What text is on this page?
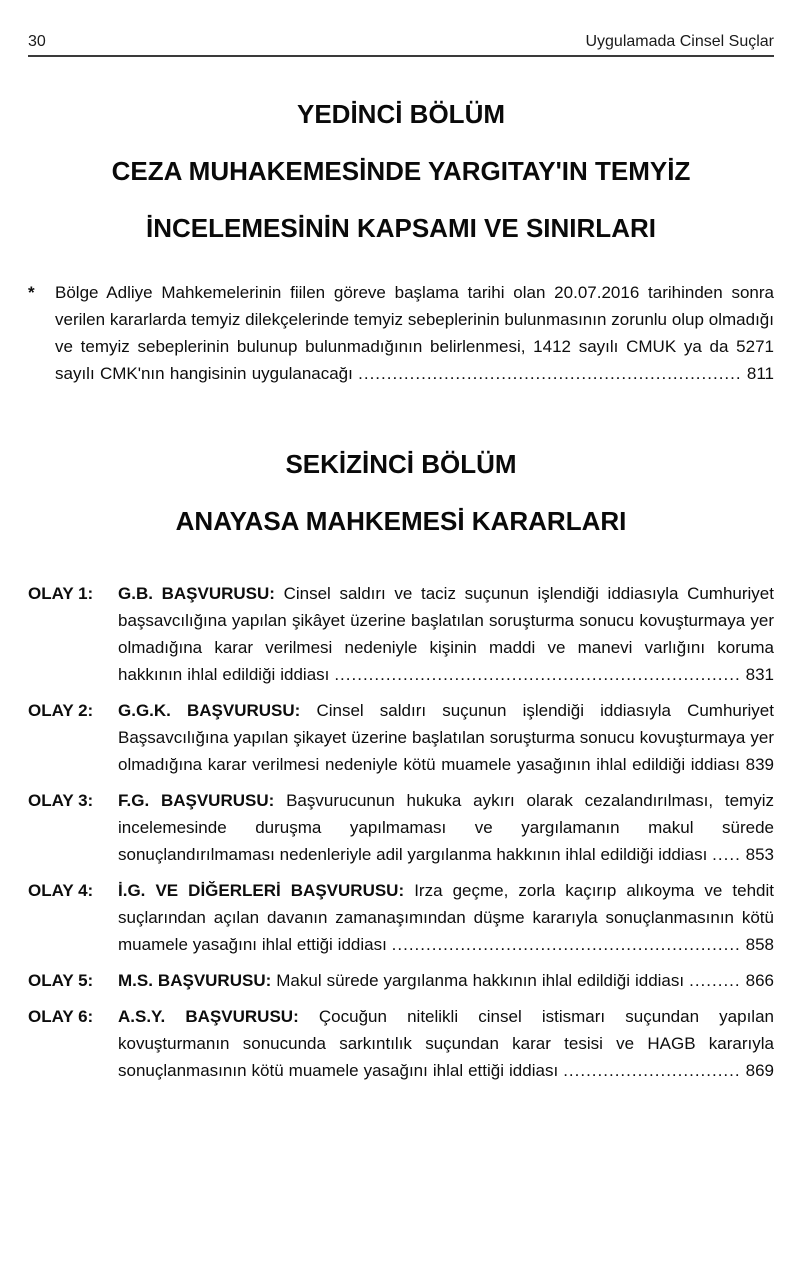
30	Uygulamada Cinsel Suçlar
YEDİNCİ BÖLÜM
CEZA MUHAKEMESİNDE YARGITAY'IN TEMYİZ
İNCELEMESİNİN KAPSAMI VE SINIRLARI
*	Bölge Adliye Mahkemelerinin fiilen göreve başlama tarihi olan 20.07.2016 tarihinden sonra verilen kararlarda temyiz dilekçelerinde temyiz sebeplerinin bulunmasının zorunlu olup olmadığı ve temyiz sebeplerinin bulunup bulunmadığının belirlenmesi, 1412 sayılı CMUK ya da 5271 sayılı CMK'nın hangisinin uygulanacağı ................................................................... 811
SEKİZİNCİ BÖLÜM
ANAYASA MAHKEMESİ KARARLARI
OLAY 1:	G.B. BAŞVURUSU: Cinsel saldırı ve taciz suçunun işlendiği iddiasıyla Cumhuriyet başsavcılığına yapılan şikâyet üzerine başlatılan soruşturma sonucu kovuşturmaya yer olmadığına karar verilmesi nedeniyle kişinin maddi ve manevi varlığını koruma hakkının ihlal edildiği iddiası ....................................................................... 831
OLAY 2:	G.G.K. BAŞVURUSU: Cinsel saldırı suçunun işlendiği iddiasıyla Cumhuriyet Başsavcılığına yapılan şikayet üzerine başlatılan soruşturma sonucu kovuşturmaya yer olmadığına karar verilmesi nedeniyle kötü muamele yasağının ihlal edildiği iddiası 839
OLAY 3:	F.G. BAŞVURUSU: Başvurucunun hukuka aykırı olarak cezalandırılması, temyiz incelemesinde duruşma yapılmaması ve yargılamanın makul sürede sonuçlandırılmaması nedenleriyle adil yargılanma hakkının ihlal edildiği iddiası ..... 853
OLAY 4:	İ.G. VE DİĞERLERİ BAŞVURUSU: Irza geçme, zorla kaçırıp alıkoyma ve tehdit suçlarından açılan davanın zamanaşımından düşme kararıyla sonuçlanmasının kötü muamele yasağını ihlal ettiği iddiası ............................................................. 858
OLAY 5:	M.S. BAŞVURUSU: Makul sürede yargılanma hakkının ihlal edildiği iddiası ......... 866
OLAY 6:	A.S.Y. BAŞVURUSU: Çocuğun nitelikli cinsel istismarı suçundan yapılan kovuşturmanın sonucunda sarkıntılık suçundan karar tesisi ve HAGB kararıyla sonuçlanmasının kötü muamele yasağını ihlal ettiği iddiası ............................... 869
